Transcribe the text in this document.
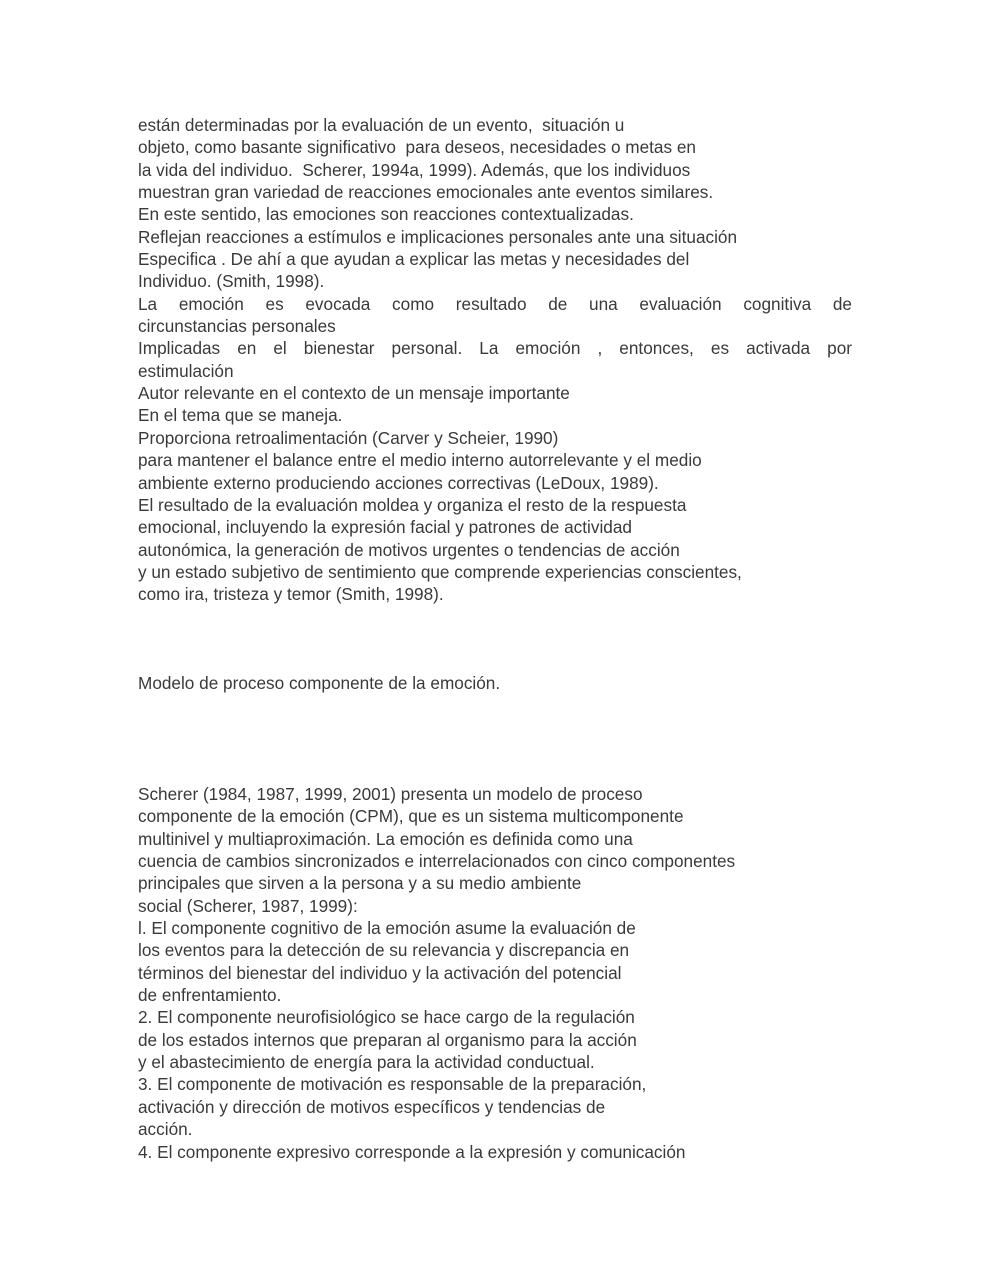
están determinadas por la evaluación de un evento,  situación u
objeto, como basante significativo  para deseos, necesidades o metas en
la vida del individuo.  Scherer, 1994a, 1999). Además, que los individuos
muestran gran variedad de reacciones emocionales ante eventos similares.
En este sentido, las emociones son reacciones contextualizadas.
Reflejan reacciones a estímulos e implicaciones personales ante una situación
Especifica . De ahí a que ayudan a explicar las metas y necesidades del
Individuo. (Smith, 1998).
La emoción es evocada como resultado de una evaluación cognitiva de
circunstancias personales
Implicadas en el bienestar personal. La emoción , entonces, es activada por
estimulación
Autor relevante en el contexto de un mensaje importante
En el tema que se maneja.
Proporciona retroalimentación (Carver y Scheier, 1990)
para mantener el balance entre el medio interno autorrelevante y el medio
ambiente externo produciendo acciones correctivas (LeDoux, 1989).
El resultado de la evaluación moldea y organiza el resto de la respuesta
emocional, incluyendo la expresión facial y patrones de actividad
autonómica, la generación de motivos urgentes o tendencias de acción
y un estado subjetivo de sentimiento que comprende experiencias conscientes,
como ira, tristeza y temor (Smith, 1998).
Modelo de proceso componente de la emoción.
Scherer (1984, 1987, 1999, 2001) presenta un modelo de proceso
componente de la emoción (CPM), que es un sistema multicomponente
multinivel y multiaproximación. La emoción es definida como una
cuencia de cambios sincronizados e interrelacionados con cinco componentes
principales que sirven a la persona y a su medio ambiente
social (Scherer, 1987, 1999):
l. El componente cognitivo de la emoción asume la evaluación de
los eventos para la detección de su relevancia y discrepancia en
términos del bienestar del individuo y la activación del potencial
de enfrentamiento.
2. El componente neurofisiológico se hace cargo de la regulación
de los estados internos que preparan al organismo para la acción
y el abastecimiento de energía para la actividad conductual.
3. El componente de motivación es responsable de la preparación,
activación y dirección de motivos específicos y tendencias de
acción.
4. El componente expresivo corresponde a la expresión y comunicación
